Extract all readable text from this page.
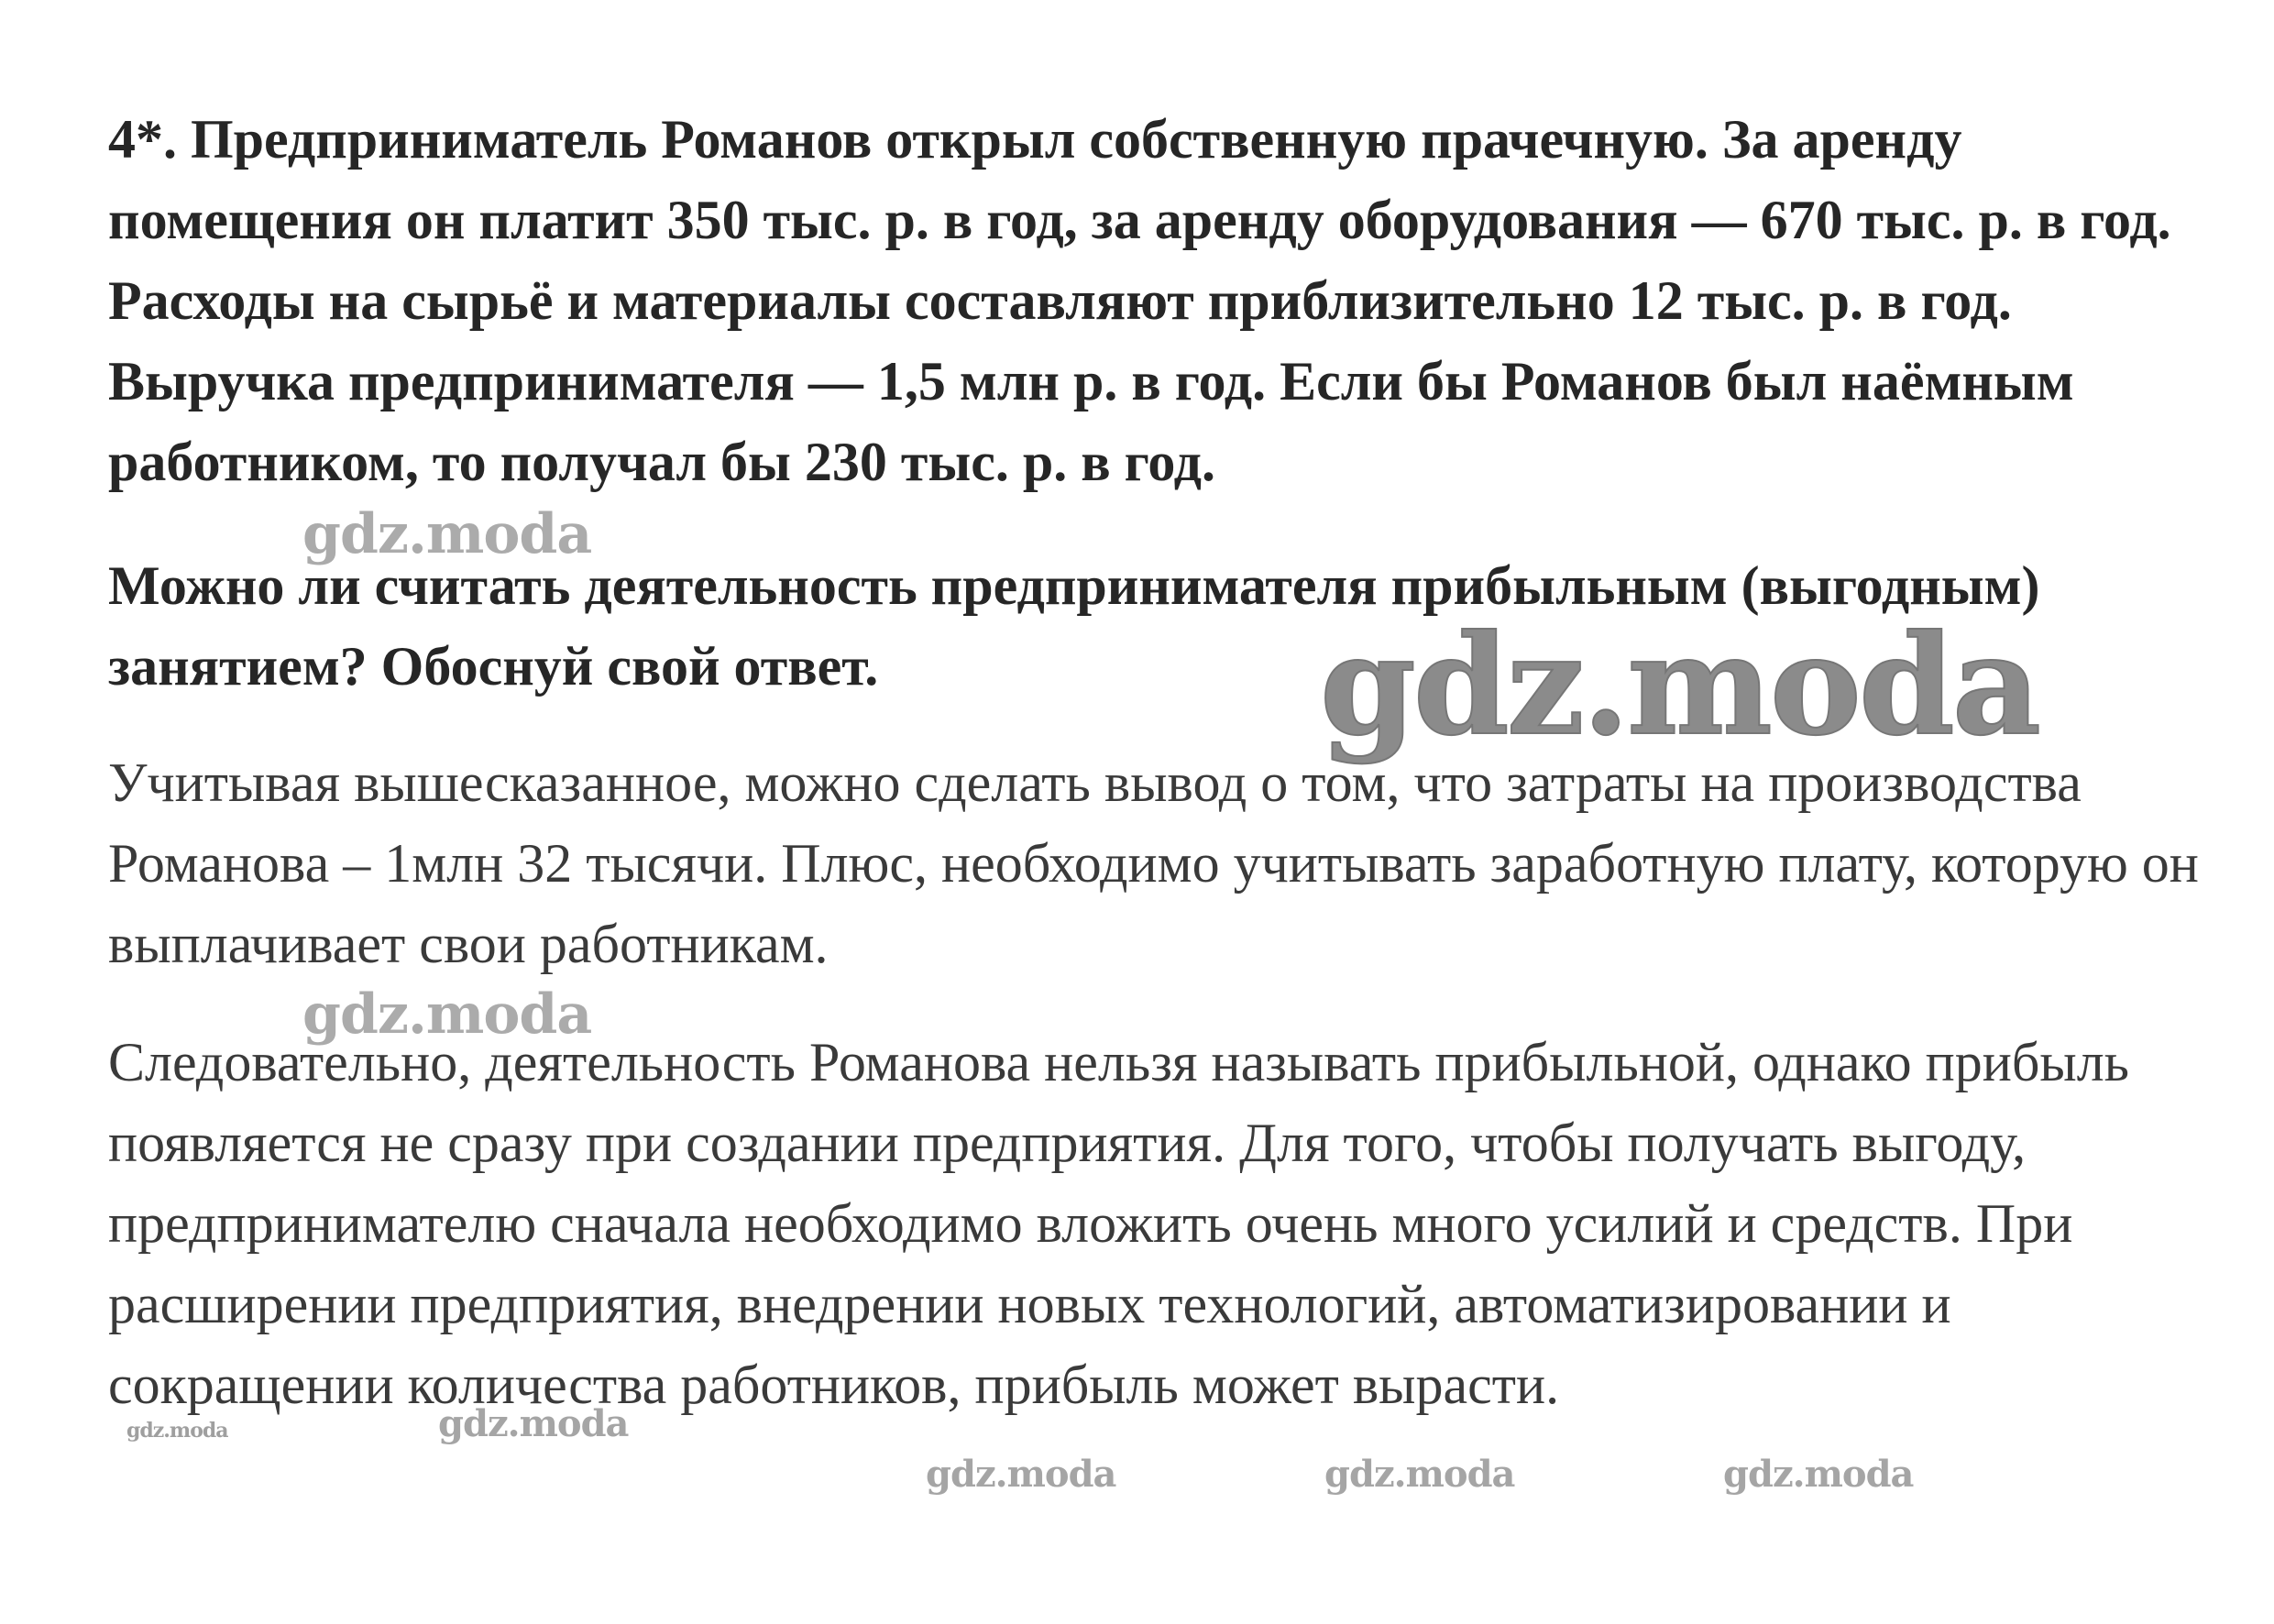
4*. Предприниматель Романов открыл собственную прачечную. За аренду помещения он платит 350 тыс. р. в год, за аренду оборудования — 670 тыс. р. в год. Расходы на сырьё и материалы составляют приблизительно 12 тыс. р. в год. Выручка предпринимателя — 1,5 млн р. в год. Если бы Романов был наёмным работником, то получал бы 230 тыс. р. в год.

Можно ли считать деятельность предпринимателя прибыльным (выгодным) занятием? Обоснуй свой ответ.

Учитывая вышесказанное, можно сделать вывод о том, что затраты на производства Романова – 1млн 32 тысячи. Плюс, необходимо учитывать заработную плату, которую он выплачивает свои работникам.

Следовательно, деятельность Романова нельзя называть прибыльной, однако прибыль появляется не сразу при создании предприятия. Для того, чтобы получать выгоду, предпринимателю сначала необходимо вложить очень много усилий и средств. При расширении предприятия, внедрении новых технологий, автоматизировании и сокращении количества работников, прибыль может вырасти.

gdz.moda
gdz.moda
gdz.moda
gdz.moda	gdz.moda
gdz.moda	gdz.moda	gdz.moda
